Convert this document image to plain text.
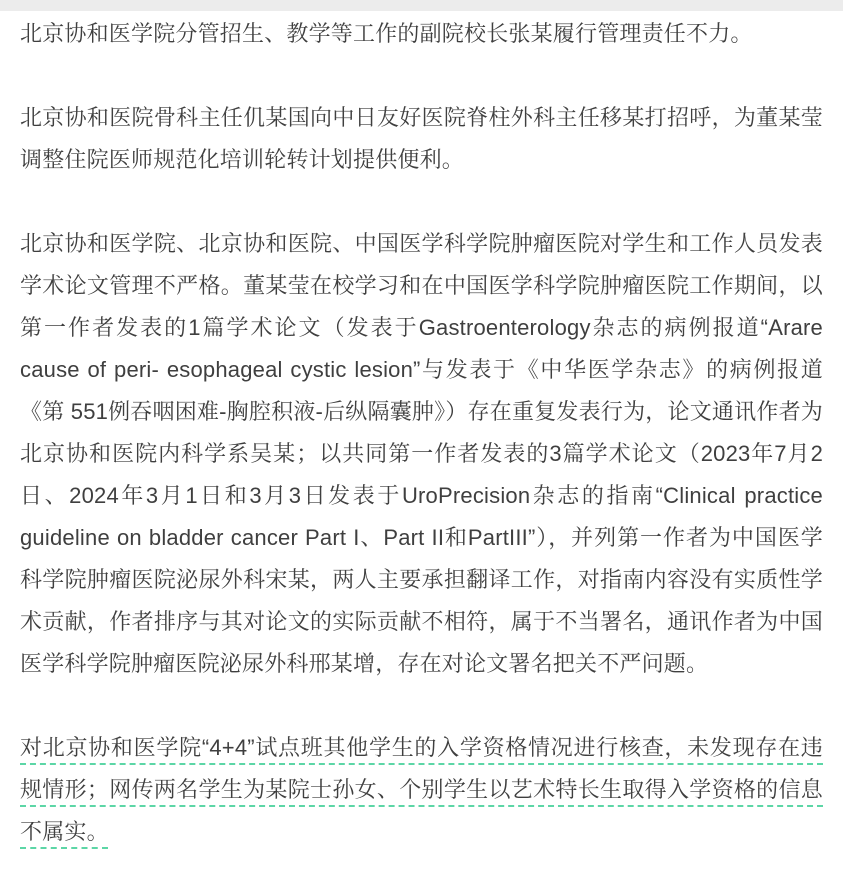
北京协和医学院分管招生、教学等工作的副院校长张某履行管理责任不力。

北京协和医院骨科主任仉某国向中日友好医院脊柱外科主任移某打招呼，为董某莹调整住院医师规范化培训轮转计划提供便利。

北京协和医学院、北京协和医院、中国医学科学院肿瘤医院对学生和工作人员发表学术论文管理不严格。董某莹在校学习和在中国医学科学院肿瘤医院工作期间，以第一作者发表的1篇学术论文（发表于Gastroenterology杂志的病例报道“Arare cause of peri- esophageal cystic lesion”与发表于《中华医学杂志》的病例报道《第 551例吞咽困难-胸腔积液-后纵隔囊肿》）存在重复发表行为，论文通讯作者为北京协和医院内科学系吴某；以共同第一作者发表的3篇学术论文（2023年7月2日、2024年3月1日和3月3日发表于UroPrecision杂志的指南“Clinical practice guideline on bladder cancer Part I、Part II和PartIII”），并列第一作者为中国医学科学院肿瘤医院泌尿外科宋某，两人主要承担翻译工作，对指南内容没有实质性学术贡献，作者排序与其对论文的实际贡献不相符，属于不当署名，通讯作者为中国医学科学院肿瘤医院泌尿外科邢某增，存在对论文署名把关不严问题。

对北京协和医学院“4+4”试点班其他学生的入学资格情况进行核查，未发现存在违规情形；网传两名学生为某院士孙女、个别学生以艺术特长生取得入学资格的信息不属实。
